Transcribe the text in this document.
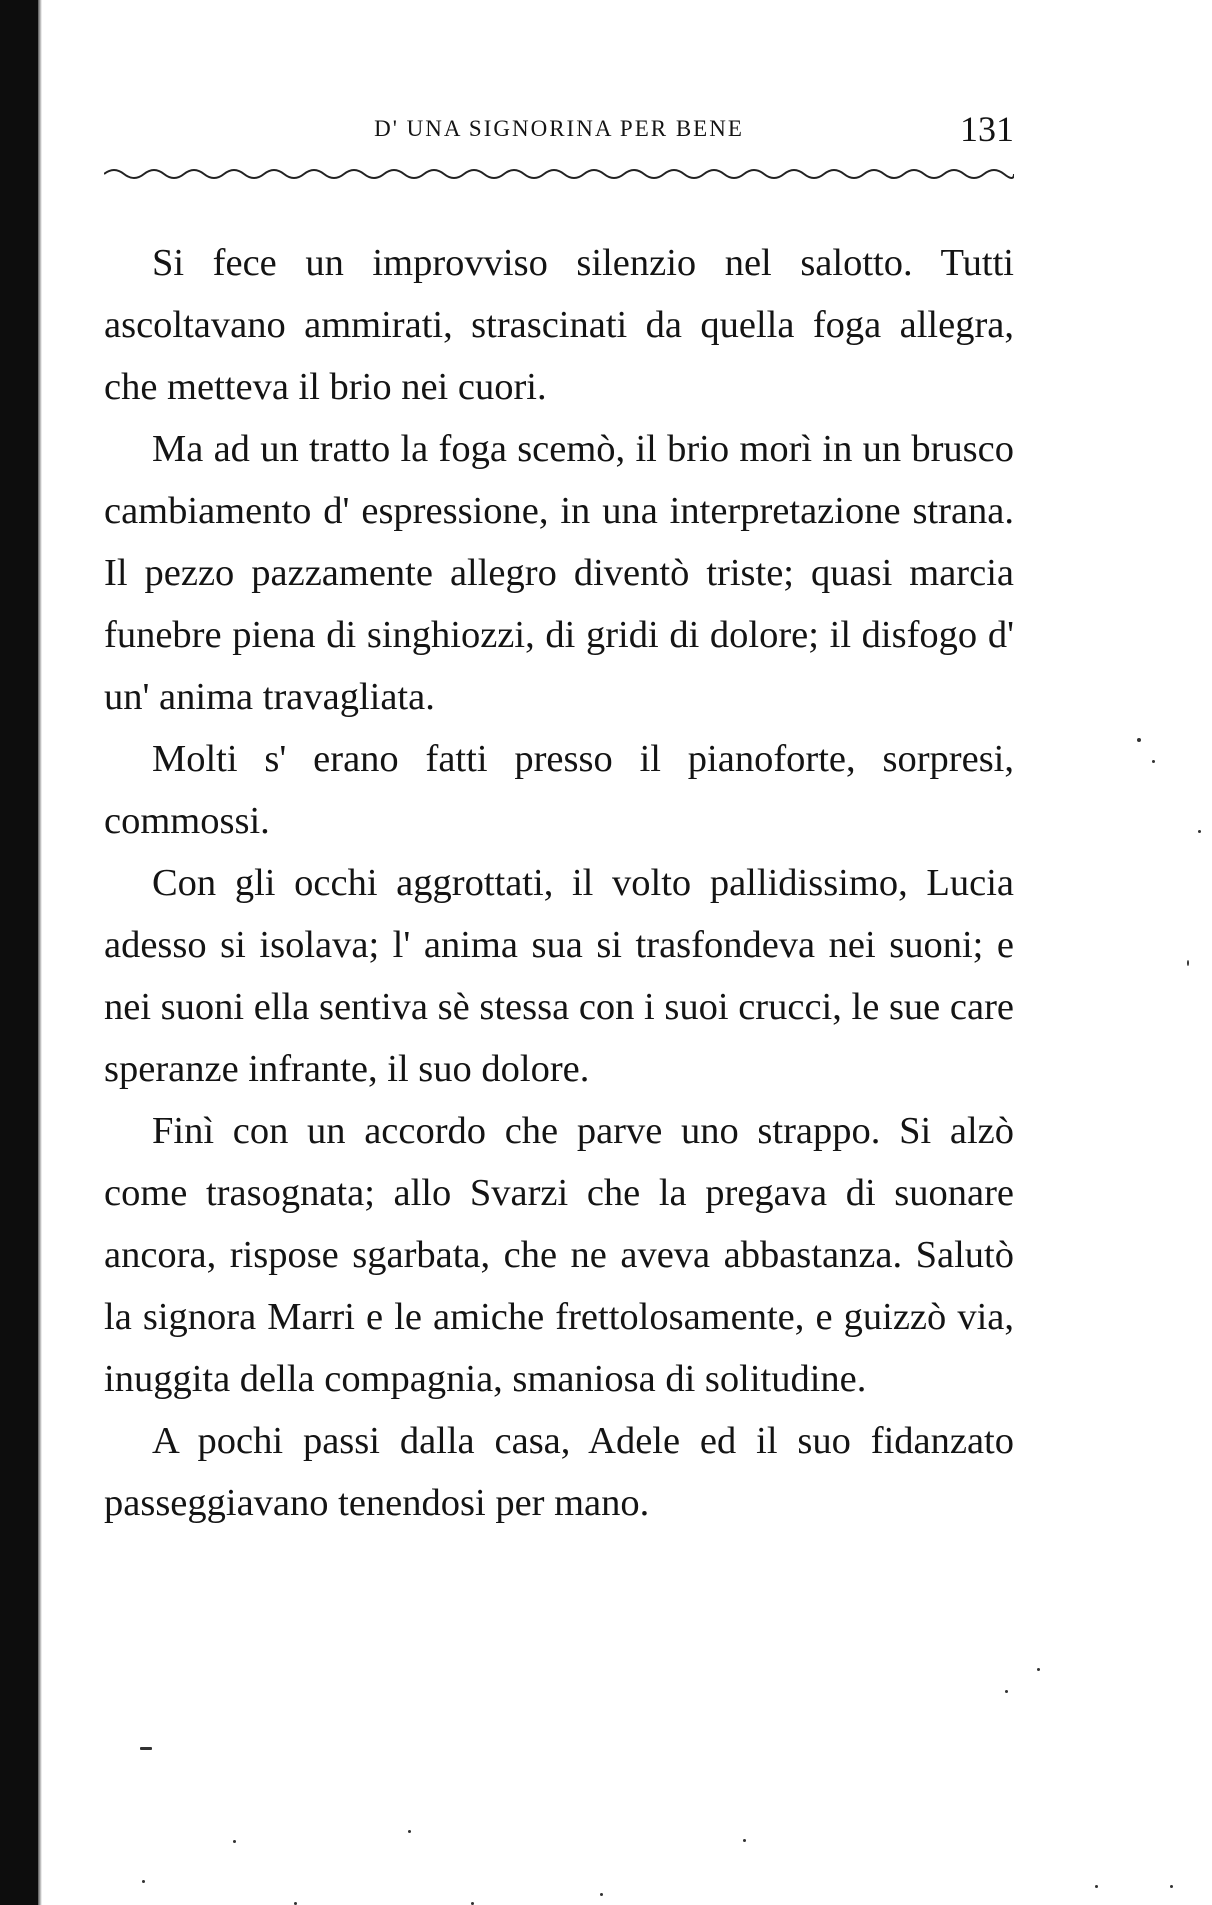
D' UNA SIGNORINA PER BENE	131

Si fece un improvviso silenzio nel salotto. Tutti ascoltavano ammirati, strascinati da quella foga allegra, che metteva il brio nei cuori.

Ma ad un tratto la foga scemò, il brio morì in un brusco cambiamento d' espressione, in una interpretazione strana. Il pezzo pazzamente allegro diventò triste; quasi marcia funebre piena di singhiozzi, di gridi di dolore; il disfogo d' un' anima travagliata.

Molti s' erano fatti presso il pianoforte, sorpresi, commossi.

Con gli occhi aggrottati, il volto pallidissimo, Lucia adesso si isolava; l' anima sua si trasfondeva nei suoni; e nei suoni ella sentiva sè stessa con i suoi crucci, le sue care speranze infrante, il suo dolore.

Finì con un accordo che parve uno strappo. Si alzò come trasognata; allo Svarzi che la pregava di suonare ancora, rispose sgarbata, che ne aveva abbastanza. Salutò la signora Marri e le amiche frettolosamente, e guizzò via, inuggita della compagnia, smaniosa di solitudine.

A pochi passi dalla casa, Adele ed il suo fidanzato passeggiavano tenendosi per mano.
